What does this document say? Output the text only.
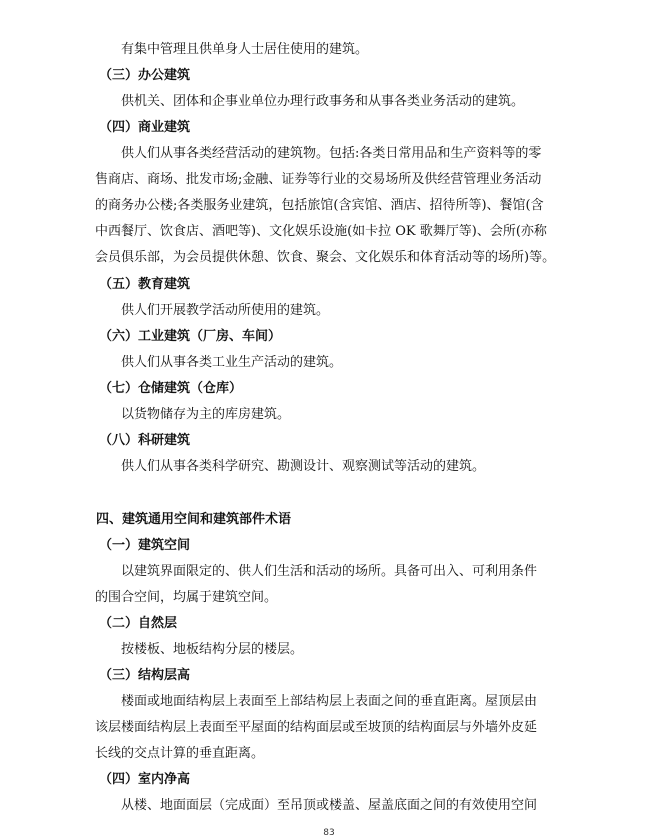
有集中管理且供单身人士居住使用的建筑。
（三）办公建筑
供机关、团体和企事业单位办理行政事务和从事各类业务活动的建筑。
（四）商业建筑
供人们从事各类经营活动的建筑物。包括:各类日常用品和生产资料等的零
售商店、商场、批发市场;金融、证券等行业的交易场所及供经营管理业务活动
的商务办公楼;各类服务业建筑，包括旅馆(含宾馆、酒店、招待所等)、餐馆(含
中西餐厅、饮食店、酒吧等)、文化娱乐设施(如卡拉 OK 歌舞厅等)、会所(亦称
会员俱乐部，为会员提供休憩、饮食、聚会、文化娱乐和体育活动等的场所)等。
（五）教育建筑
供人们开展教学活动所使用的建筑。
（六）工业建筑（厂房、车间）
供人们从事各类工业生产活动的建筑。
（七）仓储建筑（仓库）
以货物储存为主的库房建筑。
（八）科研建筑
供人们从事各类科学研究、勘测设计、观察测试等活动的建筑。
四、建筑通用空间和建筑部件术语
（一）建筑空间
以建筑界面限定的、供人们生活和活动的场所。具备可出入、可利用条件
的围合空间，均属于建筑空间。
（二）自然层
按楼板、地板结构分层的楼层。
（三）结构层高
楼面或地面结构层上表面至上部结构层上表面之间的垂直距离。屋顶层由
该层楼面结构层上表面至平屋面的结构面层或至坡顶的结构面层与外墙外皮延
长线的交点计算的垂直距离。
（四）室内净高
从楼、地面面层（完成面）至吊顶或楼盖、屋盖底面之间的有效使用空间
83
